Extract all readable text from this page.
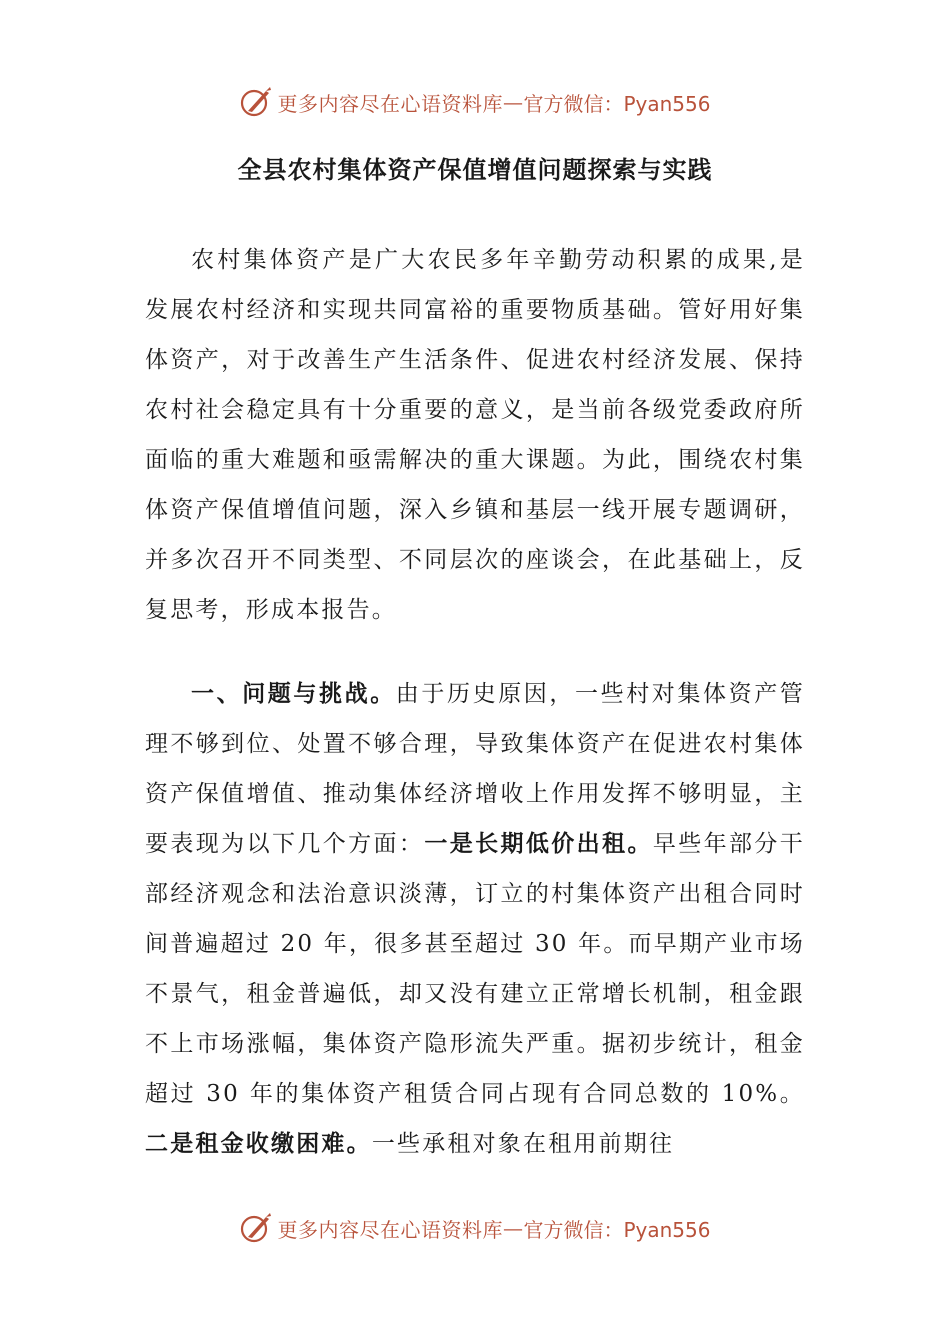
更多内容尽在心语资料库 — 官方微信：Pyan556
全县农村集体资产保值增值问题探索与实践

农村集体资产是广大农民多年辛勤劳动积累的成果,是发展农村经济和实现共同富裕的重要物质基础。管好用好集体资产，对于改善生产生活条件、促进农村经济发展、保持农村社会稳定具有十分重要的意义，是当前各级党委政府所面临的重大难题和亟需解决的重大课题。为此，围绕农村集体资产保值增值问题，深入乡镇和基层一线开展专题调研，并多次召开不同类型、不同层次的座谈会，在此基础上，反复思考，形成本报告。

一、问题与挑战。由于历史原因，一些村对集体资产管理不够到位、处置不够合理，导致集体资产在促进农村集体资产保值增值、推动集体经济增收上作用发挥不够明显，主要表现为以下几个方面：一是长期低价出租。早些年部分干部经济观念和法治意识淡薄，订立的村集体资产出租合同时间普遍超过 20 年，很多甚至超过 30 年。而早期产业市场不景气，租金普遍低，却又没有建立正常增长机制，租金跟不上市场涨幅，集体资产隐形流失严重。据初步统计，租金超过 30 年的集体资产租赁合同占现有合同总数的 10%。二是租金收缴困难。一些承租对象在租用前期往

更多内容尽在心语资料库 — 官方微信：Pyan556
